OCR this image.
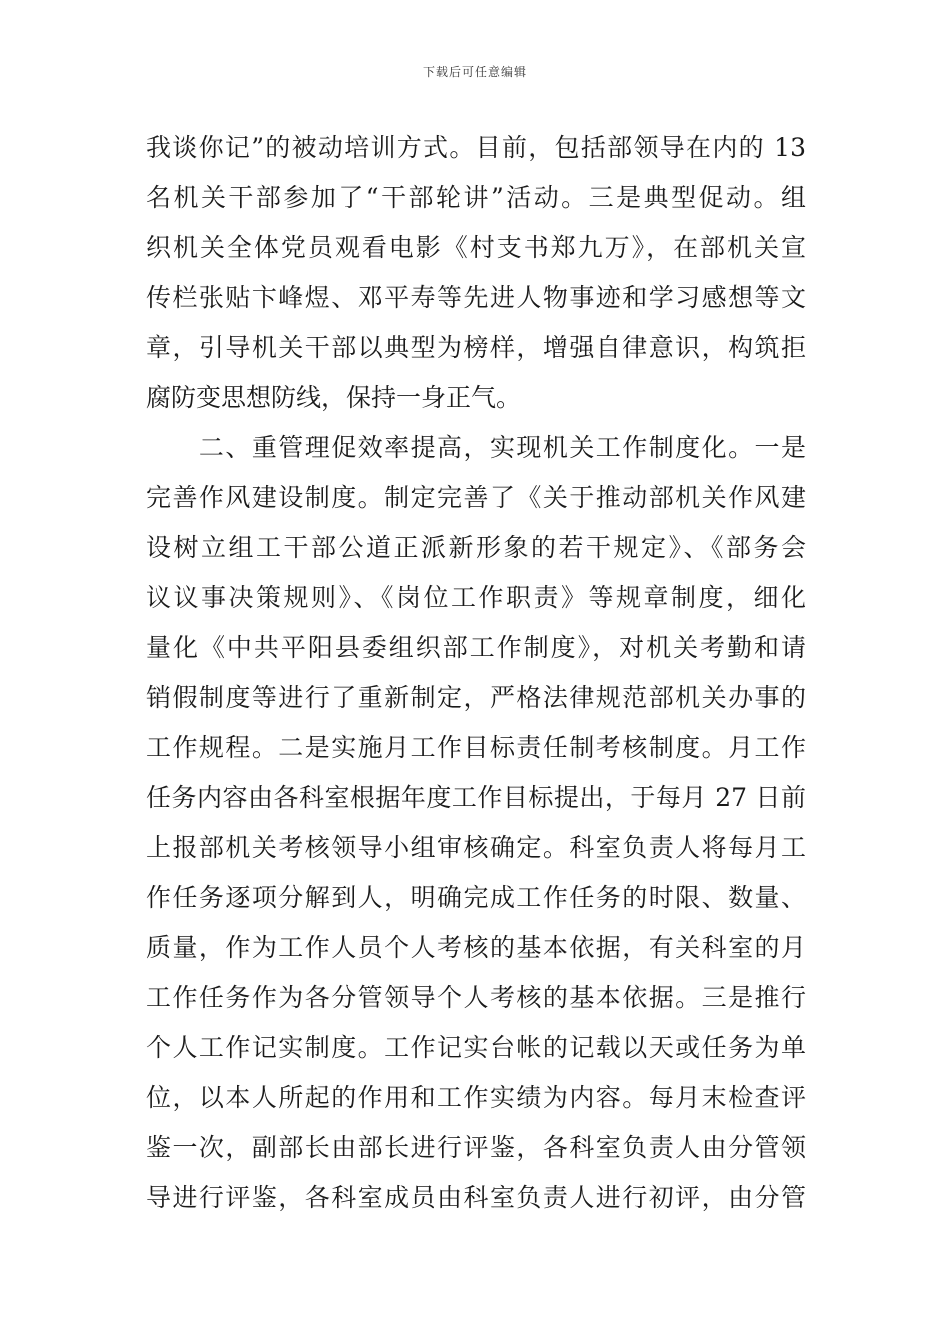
下载后可任意编辑
我谈你记”的被动培训方式。目前，包括部领导在内的 13
名机关干部参加了“干部轮讲”活动。三是典型促动。组
织机关全体党员观看电影《村支书郑九万》，在部机关宣
传栏张贴卞峰煜、邓平寿等先进人物事迹和学习感想等文
章，引导机关干部以典型为榜样，增强自律意识，构筑拒
腐防变思想防线，保持一身正气。
　　二、重管理促效率提高，实现机关工作制度化。一是
完善作风建设制度。制定完善了《关于推动部机关作风建
设树立组工干部公道正派新形象的若干规定》、《部务会
议议事决策规则》、《岗位工作职责》等规章制度，细化
量化《中共平阳县委组织部工作制度》，对机关考勤和请
销假制度等进行了重新制定，严格法律规范部机关办事的
工作规程。二是实施月工作目标责任制考核制度。月工作
任务内容由各科室根据年度工作目标提出，于每月 27 日前
上报部机关考核领导小组审核确定。科室负责人将每月工
作任务逐项分解到人，明确完成工作任务的时限、数量、
质量，作为工作人员个人考核的基本依据，有关科室的月
工作任务作为各分管领导个人考核的基本依据。三是推行
个人工作记实制度。工作记实台帐的记载以天或任务为单
位，以本人所起的作用和工作实绩为内容。每月末检查评
鉴一次，副部长由部长进行评鉴，各科室负责人由分管领
导进行评鉴，各科室成员由科室负责人进行初评，由分管
